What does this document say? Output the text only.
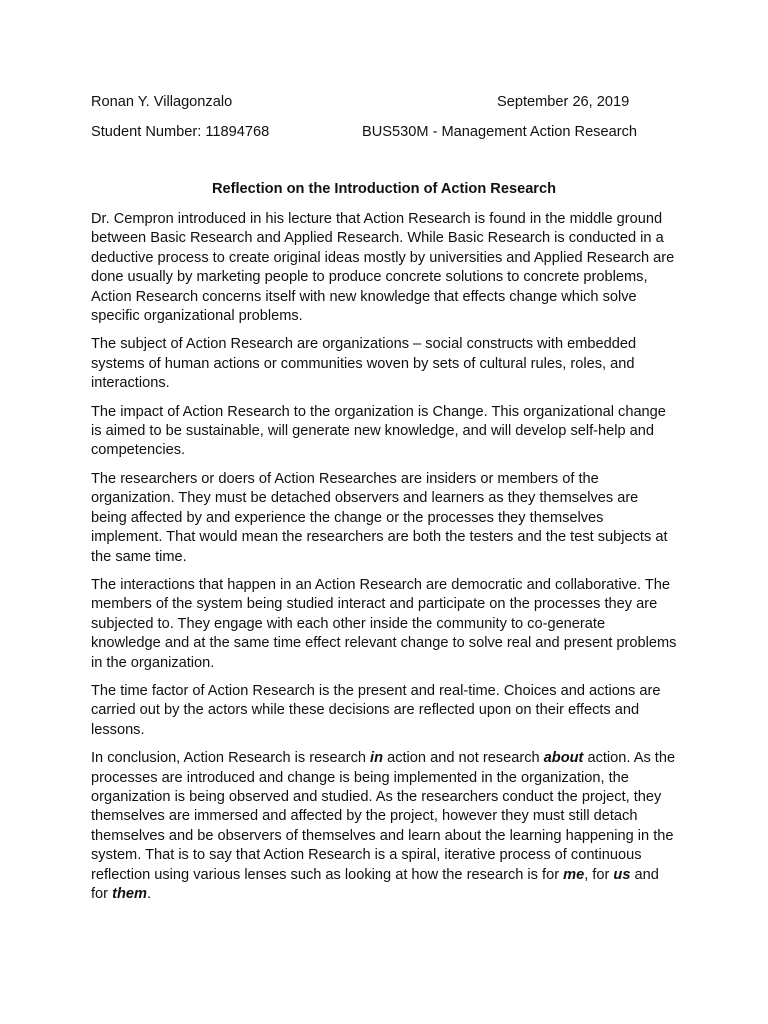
Ronan Y. Villagonzalo	September 26, 2019
Student Number: 11894768	BUS530M - Management Action Research
Reflection on the Introduction of Action Research

Dr. Cempron introduced in his lecture that Action Research is found in the middle ground between Basic Research and Applied Research. While Basic Research is conducted in a deductive process to create original ideas mostly by universities and Applied Research are done usually by marketing people to produce concrete solutions to concrete problems, Action Research concerns itself with new knowledge that effects change which solve specific organizational problems.

The subject of Action Research are organizations – social constructs with embedded systems of human actions or communities woven by sets of cultural rules, roles, and interactions.

The impact of Action Research to the organization is Change. This organizational change is aimed to be sustainable, will generate new knowledge, and will develop self-help and competencies.

The researchers or doers of Action Researches are insiders or members of the organization. They must be detached observers and learners as they themselves are being affected by and experience the change or the processes they themselves implement. That would mean the researchers are both the testers and the test subjects at the same time.

The interactions that happen in an Action Research are democratic and collaborative. The members of the system being studied interact and participate on the processes they are subjected to. They engage with each other inside the community to co-generate knowledge and at the same time effect relevant change to solve real and present problems in the organization.

The time factor of Action Research is the present and real-time. Choices and actions are carried out by the actors while these decisions are reflected upon on their effects and lessons.

In conclusion, Action Research is research in action and not research about action. As the processes are introduced and change is being implemented in the organization, the organization is being observed and studied. As the researchers conduct the project, they themselves are immersed and affected by the project, however they must still detach themselves and be observers of themselves and learn about the learning happening in the system. That is to say that Action Research is a spiral, iterative process of continuous reflection using various lenses such as looking at how the research is for me, for us and for them.
